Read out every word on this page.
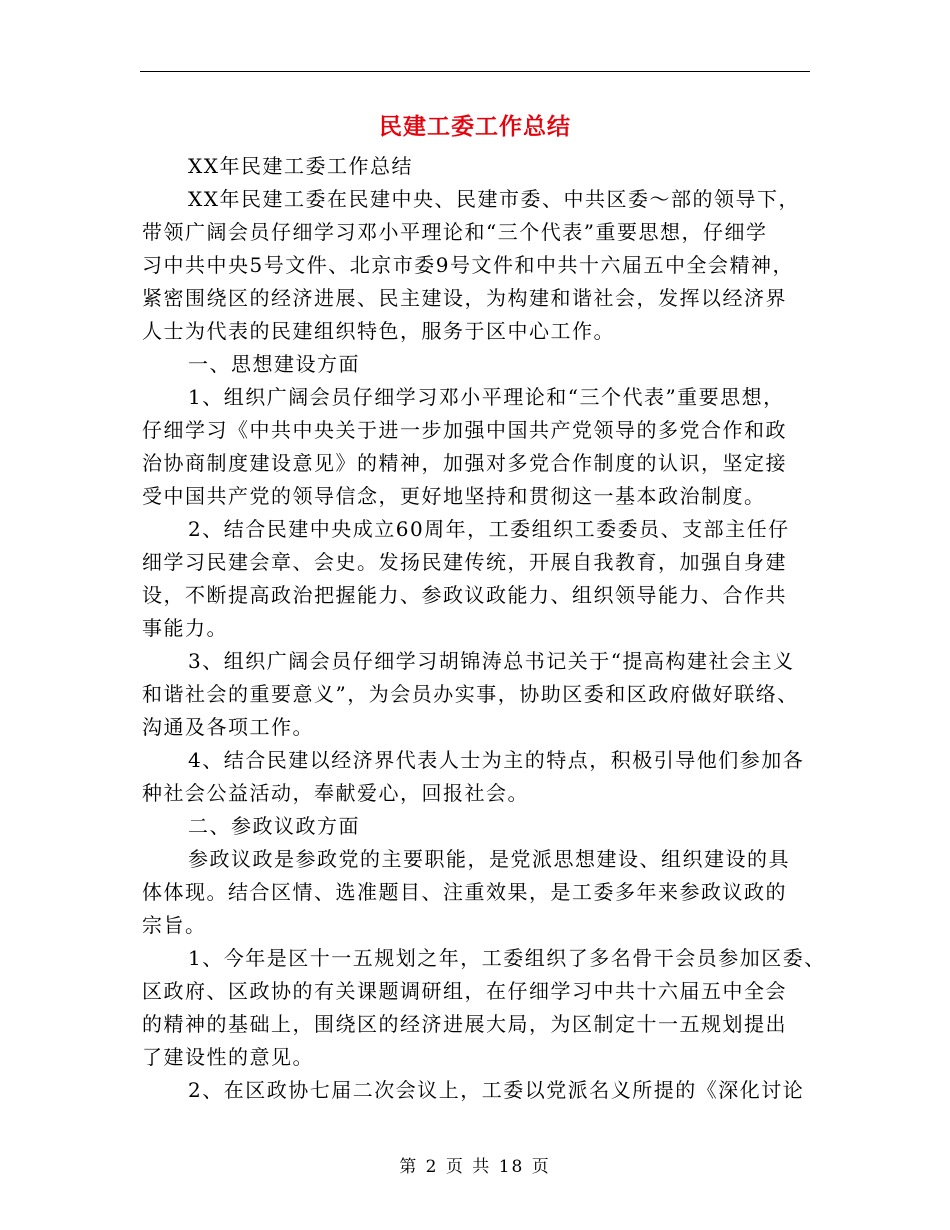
民建工委工作总结
XX年民建工委工作总结
XX年民建工委在民建中央、民建市委、中共区委～部的领导下，
带领广阔会员仔细学习邓小平理论和“三个代表”重要思想，仔细学
习中共中央5号文件、北京市委9号文件和中共十六届五中全会精神，
紧密围绕区的经济进展、民主建设，为构建和谐社会，发挥以经济界
人士为代表的民建组织特色，服务于区中心工作。
一、思想建设方面
1、组织广阔会员仔细学习邓小平理论和“三个代表”重要思想，
仔细学习《中共中央关于进一步加强中国共产党领导的多党合作和政
治协商制度建设意见》的精神，加强对多党合作制度的认识，坚定接
受中国共产党的领导信念，更好地坚持和贯彻这一基本政治制度。
2、结合民建中央成立60周年，工委组织工委委员、支部主任仔
细学习民建会章、会史。发扬民建传统，开展自我教育，加强自身建
设，不断提高政治把握能力、参政议政能力、组织领导能力、合作共
事能力。
3、组织广阔会员仔细学习胡锦涛总书记关于“提高构建社会主义
和谐社会的重要意义”，为会员办实事，协助区委和区政府做好联络、
沟通及各项工作。
4、结合民建以经济界代表人士为主的特点，积极引导他们参加各
种社会公益活动，奉献爱心，回报社会。
二、参政议政方面
参政议政是参政党的主要职能，是党派思想建设、组织建设的具
体体现。结合区情、选准题目、注重效果，是工委多年来参政议政的
宗旨。
1、今年是区十一五规划之年，工委组织了多名骨干会员参加区委、
区政府、区政协的有关课题调研组，在仔细学习中共十六届五中全会
的精神的基础上，围绕区的经济进展大局，为区制定十一五规划提出
了建设性的意见。
2、在区政协七届二次会议上，工委以党派名义所提的《深化讨论
第 2 页 共 18 页
